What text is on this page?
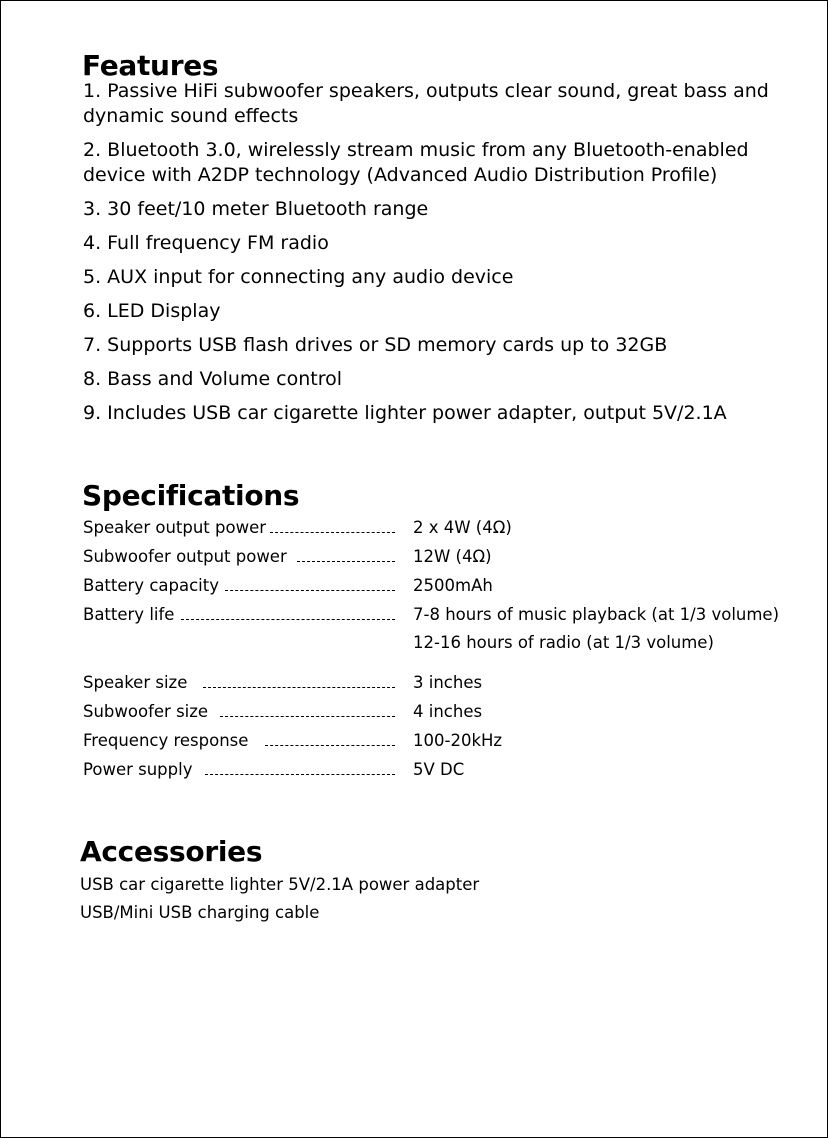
Features
1. Passive HiFi subwoofer speakers, outputs clear sound, great bass and dynamic sound effects
2. Bluetooth 3.0, wirelessly stream music from any Bluetooth-enabled device with A2DP technology (Advanced Audio Distribution Profile)
3. 30 feet/10 meter Bluetooth range
4. Full frequency FM radio
5. AUX input for connecting any audio device
6. LED Display
7. Supports USB flash drives or SD memory cards up to 32GB
8. Bass and Volume control
9. Includes USB car cigarette lighter power adapter, output 5V/2.1A
Specifications
Speaker output power	2 x 4W (4Ω)
Subwoofer output power	12W (4Ω)
Battery capacity	2500mAh
Battery life	7-8 hours of music playback (at 1/3 volume)
12-16 hours of radio (at 1/3 volume)
Speaker size	3 inches
Subwoofer size	4 inches
Frequency response	100-20kHz
Power supply	5V DC
Accessories
USB car cigarette lighter 5V/2.1A power adapter
USB/Mini USB charging cable
